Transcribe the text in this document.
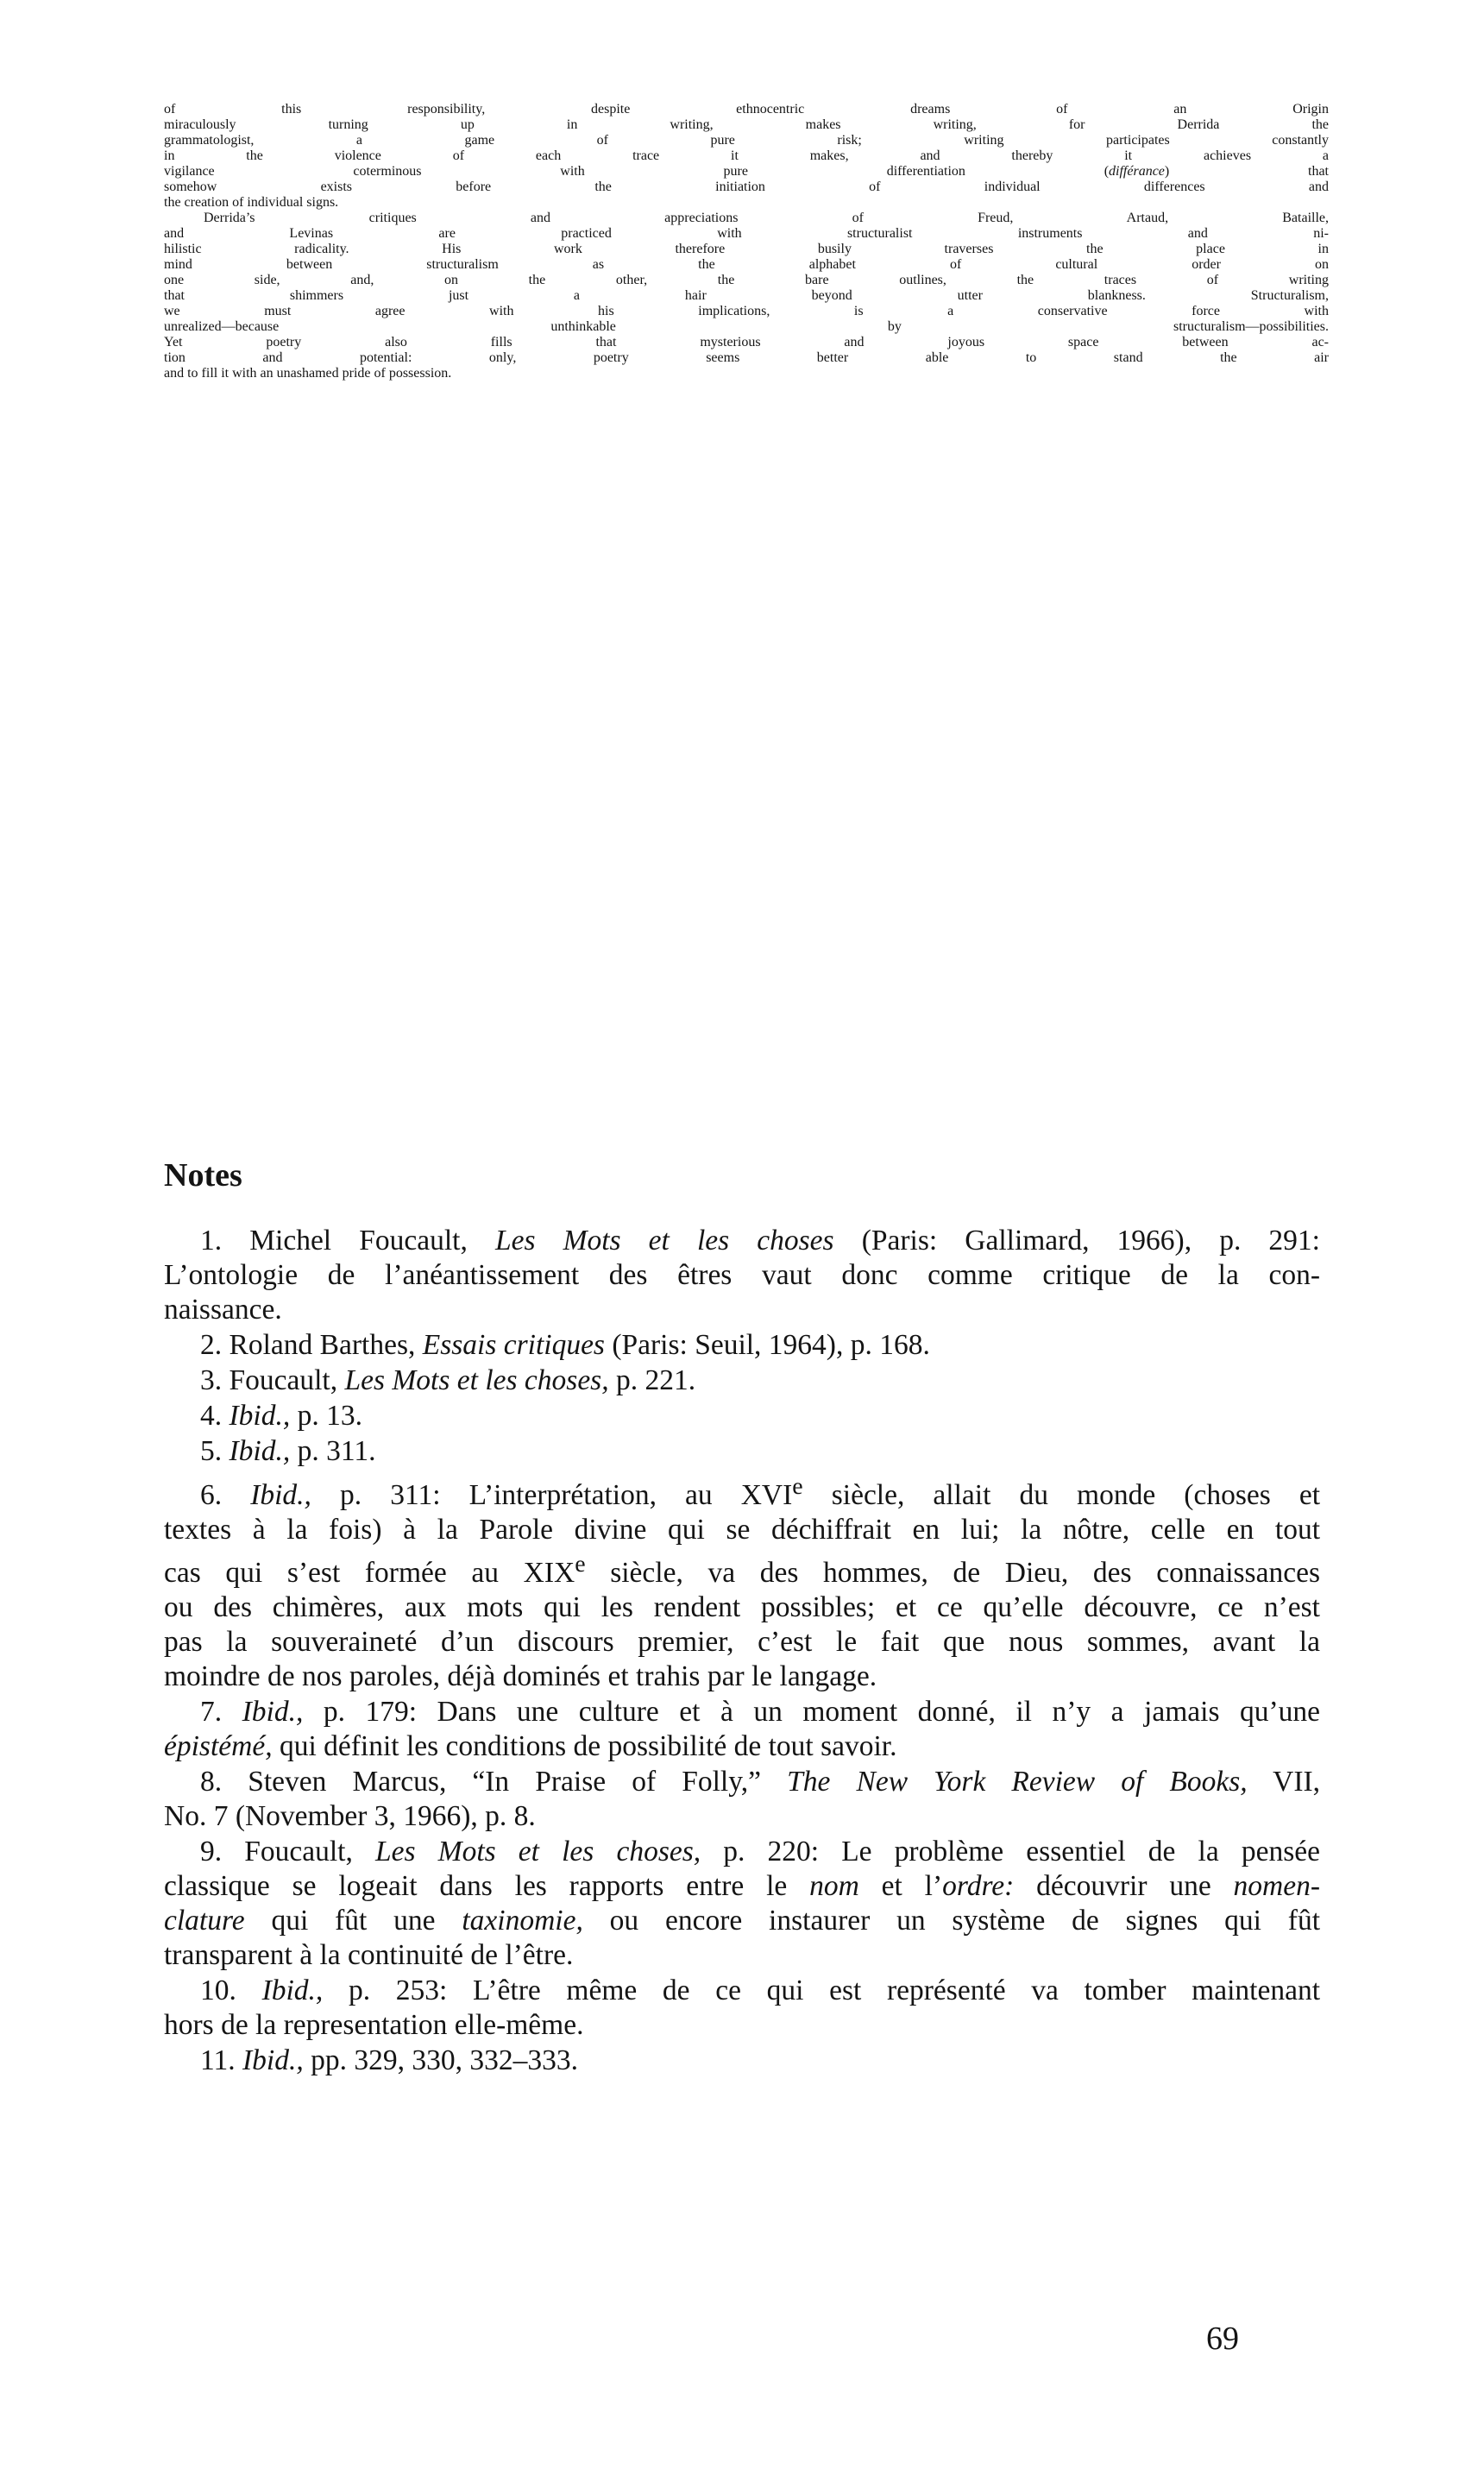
of this responsibility, despite ethnocentric dreams of an Origin
miraculously turning up in writing, makes writing, for Derrida the
grammatologist, a game of pure risk; writing participates constantly
in the violence of each trace it makes, and thereby it achieves a
vigilance coterminous with pure differentiation (différance) that
somehow exists before the initiation of individual differences and
the creation of individual signs.
Derrida’s critiques and appreciations of Freud, Artaud, Bataille,
and Levinas are practiced with structuralist instruments and ni-
hilistic radicality. His work therefore busily traverses the place in
mind between structuralism as the alphabet of cultural order on
one side, and, on the other, the bare outlines, the traces of writing
that shimmers just a hair beyond utter blankness. Structuralism,
we must agree with his implications, is a conservative force with
unrealized—because unthinkable by structuralism—possibilities.
Yet poetry also fills that mysterious and joyous space between ac-
tion and potential: only, poetry seems better able to stand the air
and to fill it with an unashamed pride of possession.
Notes
1. Michel Foucault, Les Mots et les choses (Paris: Gallimard, 1966), p. 291:
L’ontologie de l’anéantissement des êtres vaut donc comme critique de la con-
naissance.
2. Roland Barthes, Essais critiques (Paris: Seuil, 1964), p. 168.
3. Foucault, Les Mots et les choses, p. 221.
4. Ibid., p. 13.
5. Ibid., p. 311.
6. Ibid., p. 311: L’interprétation, au XVIe siècle, allait du monde (choses et
textes à la fois) à la Parole divine qui se déchiffrait en lui; la nôtre, celle en tout
cas qui s’est formée au XIXe siècle, va des hommes, de Dieu, des connaissances
ou des chimères, aux mots qui les rendent possibles; et ce qu’elle découvre, ce n’est
pas la souveraineté d’un discours premier, c’est le fait que nous sommes, avant la
moindre de nos paroles, déjà dominés et trahis par le langage.
7. Ibid., p. 179: Dans une culture et à un moment donné, il n’y a jamais qu’une
épistémé, qui définit les conditions de possibilité de tout savoir.
8. Steven Marcus, “In Praise of Folly,” The New York Review of Books, VII,
No. 7 (November 3, 1966), p. 8.
9. Foucault, Les Mots et les choses, p. 220: Le problème essentiel de la pensée
classique se logeait dans les rapports entre le nom et l’ordre: découvrir une nomen-
clature qui fût une taxinomie, ou encore instaurer un système de signes qui fût
transparent à la continuité de l’être.
10. Ibid., p. 253: L’être même de ce qui est représenté va tomber maintenant
hors de la representation elle-même.
11. Ibid., pp. 329, 330, 332–333.

69
